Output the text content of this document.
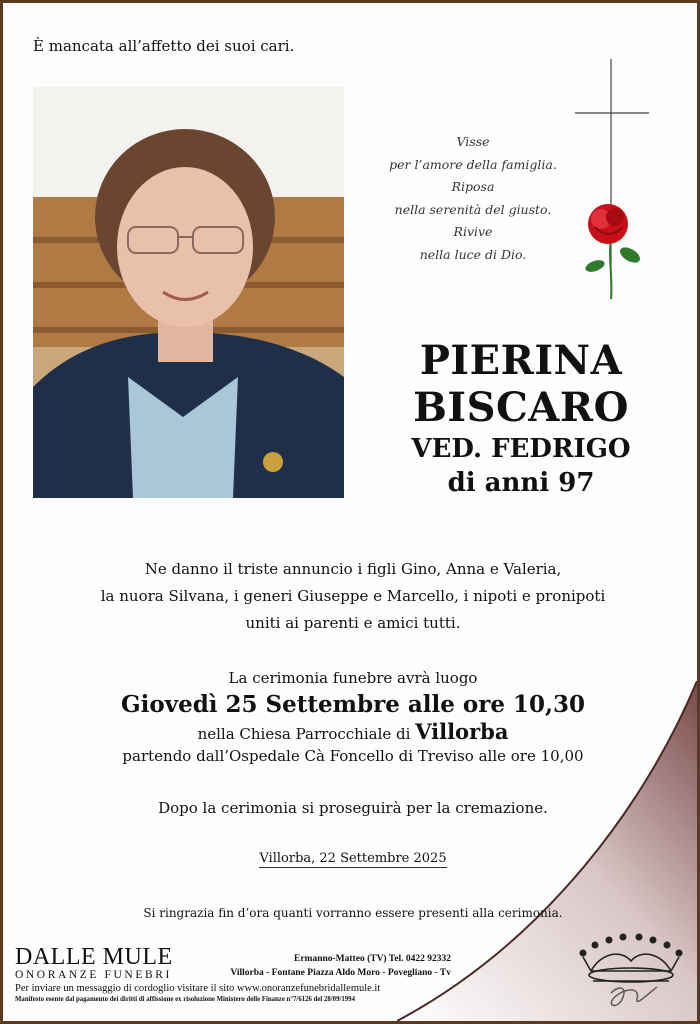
È mancata all’affetto dei suoi cari.
Visse
per l’amore della famiglia.
Riposa
nella serenità del giusto.
Rivive
nella luce di Dio.
PIERINA
BISCARO
VED. FEDRIGO
di anni 97
Ne danno il triste annuncio i figli Gino, Anna e Valeria,
la nuora Silvana, i generi Giuseppe e Marcello, i nipoti e pronipoti
uniti ai parenti e amici tutti.
La cerimonia funebre avrà luogo
Giovedì 25 Settembre alle ore 10,30
nella Chiesa Parrocchiale di Villorba
partendo dall’Ospedale Cà Foncello di Treviso alle ore 10,00
Dopo la cerimonia si proseguirà per la cremazione.
Villorba, 22 Settembre 2025
Si ringrazia fin d’ora quanti vorranno essere presenti alla cerimonia.
DALLE MULE
ONORANZE FUNEBRI
Ermanno-Matteo (TV) Tel. 0422 92332
Villorba - Fontane Piazza Aldo Moro - Povegliano - Tv
Per inviare un messaggio di cordoglio visitare il sito www.onoranzefunebridallemule.it
Manifesto esente dal pagamento dei diritti di affissione ex risoluzione Ministero delle Finanze n°7/6126 del 28/09/1994
